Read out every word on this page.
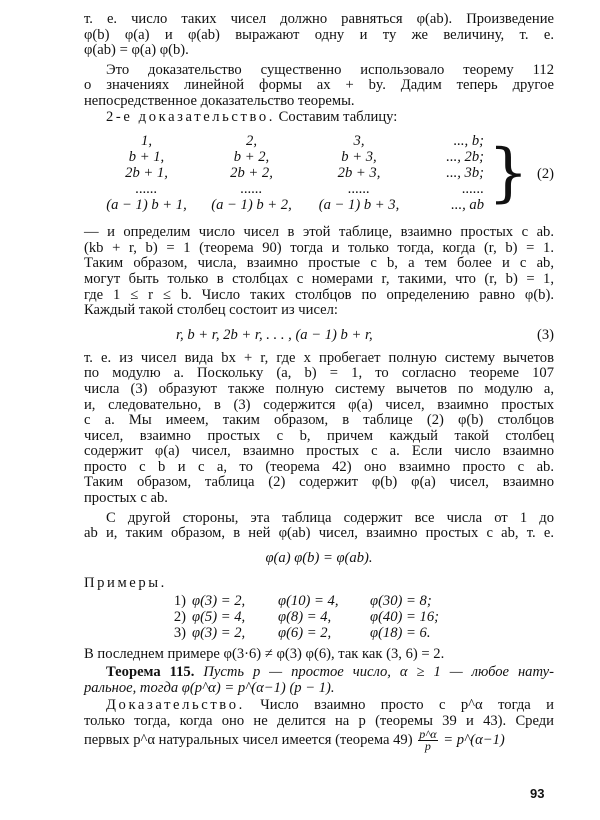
т. е. число таких чисел должно равняться φ(ab). Произведение
φ(b) φ(a) и φ(ab) выражают одну и ту же величину, т. е.
φ(ab) = φ(a) φ(b).
Это доказательство существенно использовало теорему 112
о значениях линейной формы ax + by. Дадим теперь другое
непосредственное доказательство теоремы.
2-е доказательство. Составим таблицу:
1,	2,	3,	..., b;
b + 1,	b + 2,	b + 3,	..., 2b;
2b + 1,	2b + 2,	2b + 3,	..., 3b;
......	......	......	......
(a − 1) b + 1,	(a − 1) b + 2,	(a − 1) b + 3,	..., ab } (2)
— и определим число чисел в этой таблице, взаимно простых с ab.
(kb + r, b) = 1 (теорема 90) тогда и только тогда, когда (r, b) = 1.
Таким образом, числа, взаимно простые с b, а тем более и с ab,
могут быть только в столбцах с номерами r, такими, что (r, b) = 1,
где 1 ≤ r ≤ b. Число таких столбцов по определению равно φ(b).
Каждый такой столбец состоит из чисел:
r, b + r, 2b + r, . . . , (a − 1) b + r,	(3)
т. е. из чисел вида bx + r, где x пробегает полную систему вычетов
по модулю a. Поскольку (a, b) = 1, то согласно теореме 107
числа (3) образуют также полную систему вычетов по модулю a,
и, следовательно, в (3) содержится φ(a) чисел, взаимно простых
с a. Мы имеем, таким образом, в таблице (2) φ(b) столбцов
чисел, взаимно простых с b, причем каждый такой столбец
содержит φ(a) чисел, взаимно простых с a. Если число взаимно
просто с b и с a, то (теорема 42) оно взаимно просто с ab.
Таким образом, таблица (2) содержит φ(b) φ(a) чисел, взаимно
простых с ab.
С другой стороны, эта таблица содержит все числа от 1 до
ab и, таким образом, в ней φ(ab) чисел, взаимно простых с ab, т. е.
φ(a) φ(b) = φ(ab).
Примеры.
1)	φ(3) = 2,	φ(10) = 4,	φ(30) = 8;
2)	φ(5) = 4,	φ(8) = 4,	φ(40) = 16;
3)	φ(3) = 2,	φ(6) = 2,	φ(18) = 6.
В последнем примере φ(3·6) ≠ φ(3) φ(6), так как (3, 6) = 2.
Теорема 115. Пусть p — простое число, α ≥ 1 — любое нату-
ральное, тогда φ(p^α) = p^(α−1) (p − 1).
Доказательство. Число взаимно просто с p^α тогда и
только тогда, когда оно не делится на p (теоремы 39 и 43). Среди
первых p^α натуральных чисел имеется (теорема $49) \frac{p\^{}\alpha}{p}$ = p^(α−1)
93
